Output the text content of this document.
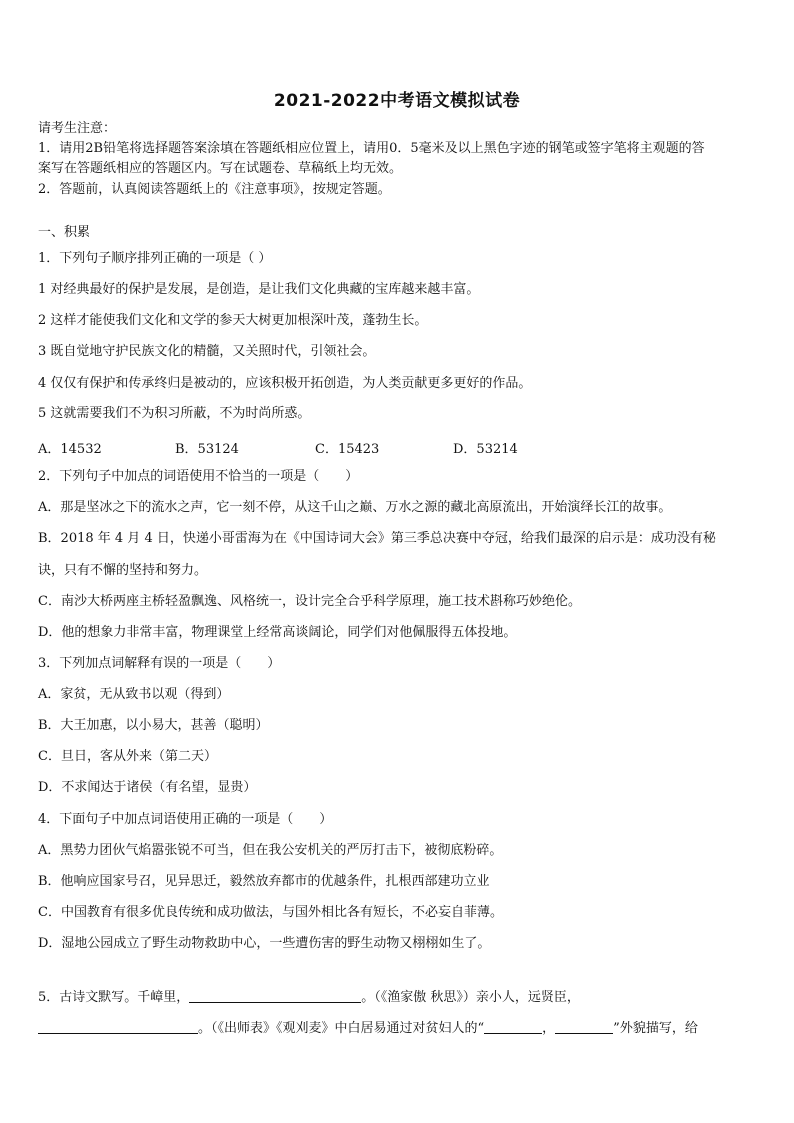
2021-2022中考语文模拟试卷
请考生注意：
1．请用2B铅笔将选择题答案涂填在答题纸相应位置上，请用0．5毫米及以上黑色字迹的钢笔或签字笔将主观题的答
案写在答题纸相应的答题区内。写在试题卷、草稿纸上均无效。
2．答题前，认真阅读答题纸上的《注意事项》，按规定答题。
一、积累
1．下列句子顺序排列正确的一项是（ ）
1 对经典最好的保护是发展，是创造，是让我们文化典藏的宝库越来越丰富。
2 这样才能使我们文化和文学的参天大树更加根深叶茂，蓬勃生长。
3 既自觉地守护民族文化的精髓，又关照时代，引领社会。
4 仅仅有保护和传承终归是被动的，应该积极开拓创造，为人类贡献更多更好的作品。
5 这就需要我们不为积习所蔽，不为时尚所惑。
A．14532	B．53124	C．15423	D．53214
2．下列句子中加点的词语使用不恰当的一项是（　　）
A．那是坚冰之下的流水之声，它一刻不停，从这千山之巅、万水之源的藏北高原流出，开始演绎长江的故事。
B．2018 年 4 月 4 日，快递小哥雷海为在《中国诗词大会》第三季总决赛中夺冠，给我们最深的启示是：成功没有秘
诀，只有不懈的坚持和努力。
C．南沙大桥两座主桥轻盈飘逸、风格统一，设计完全合乎科学原理，施工技术斟称巧妙绝伦。
D．他的想象力非常丰富，物理课堂上经常高谈阔论，同学们对他佩服得五体投地。
3．下列加点词解释有误的一项是（　　）
A．家贫，无从致书以观（得到）
B．大王加惠，以小易大，甚善（聪明）
C．旦日，客从外来（第二天）
D．不求闻达于诸侯（有名望，显贵）
4．下面句子中加点词语使用正确的一项是（　　）
A．黑势力团伙气焰嚣张锐不可当，但在我公安机关的严厉打击下，被彻底粉碎。
B．他响应国家号召，见异思迁，毅然放弃都市的优越条件，扎根西部建功立业
C．中国教育有很多优良传统和成功做法，与国外相比各有短长，不必妄自菲薄。
D．湿地公园成立了野生动物救助中心，一些遭伤害的野生动物又栩栩如生了。
5．古诗文默写。千嶂里，	。（《渔家傲 秋思》）亲小人，远贤臣，
。（《出师表》《观刈麦》中白居易通过对贫妇人的“	，	”外貌描写，给
